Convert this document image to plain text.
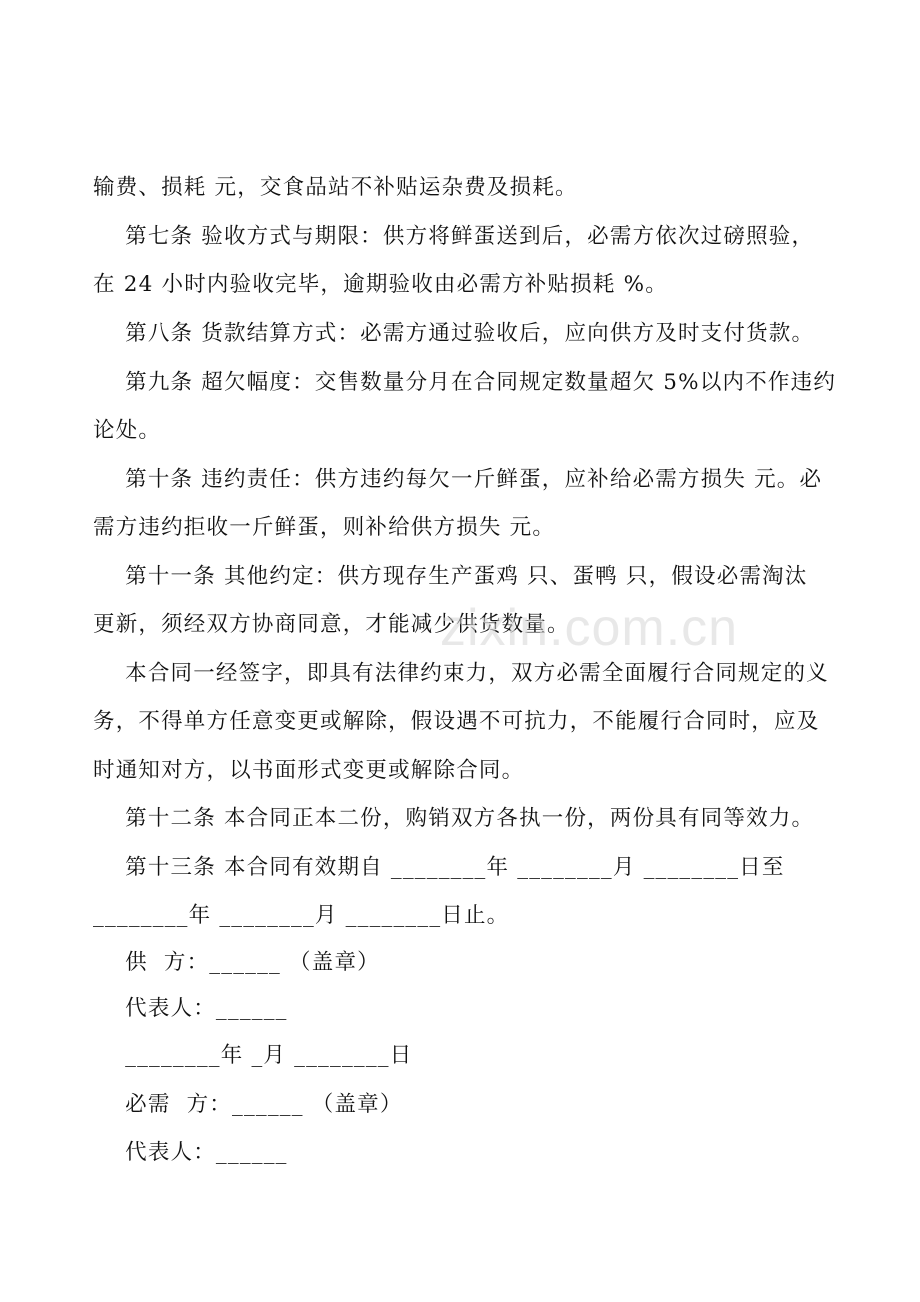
输费、损耗 元，交食品站不补贴运杂费及损耗。
第七条 验收方式与期限：供方将鲜蛋送到后，必需方依次过磅照验，
在 24 小时内验收完毕，逾期验收由必需方补贴损耗 %。
第八条 货款结算方式：必需方通过验收后，应向供方及时支付货款。
第九条 超欠幅度：交售数量分月在合同规定数量超欠 5%以内不作违约
论处。
第十条 违约责任：供方违约每欠一斤鲜蛋，应补给必需方损失 元。必
需方违约拒收一斤鲜蛋，则补给供方损失 元。
第十一条 其他约定：供方现存生产蛋鸡 只、蛋鸭 只，假设必需淘汰
更新，须经双方协商同意，才能减少供货数量。
本合同一经签字，即具有法律约束力，双方必需全面履行合同规定的义
务，不得单方任意变更或解除，假设遇不可抗力，不能履行合同时，应及
时通知对方，以书面形式变更或解除合同。
第十二条 本合同正本二份，购销双方各执一份，两份具有同等效力。
第十三条 本合同有效期自 ________年 ________月 ________日至
________年 ________月 ________日止。
供  方：______ （盖章）
代表人：______
________年 _月 ________日
必需  方：______ （盖章）
代表人：______
zixin.com.cn
